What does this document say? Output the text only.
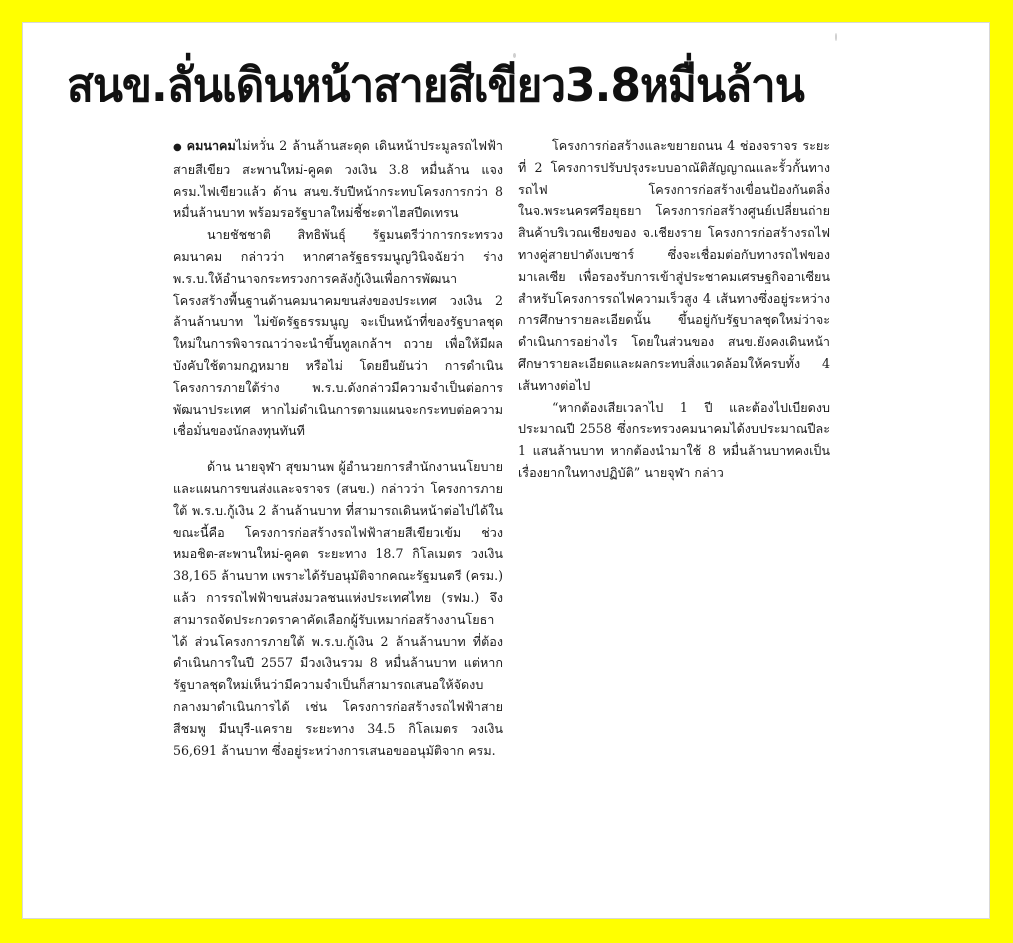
สนข.ลั่นเดินหน้าสายสีเขียว3.8หมื่นล้าน

● คมนาคมไม่หวั่น 2 ล้านล้านสะดุด เดินหน้าประมูลรถไฟฟ้าสายสีเขียว สะพานใหม่-คูคต วงเงิน 3.8 หมื่นล้าน แจง ครม.ไฟเขียวแล้ว ด้าน สนข.รับปีหน้ากระทบโครงการกว่า 8 หมื่นล้านบาท พร้อมรอรัฐบาลใหม่ชี้ชะตาไฮสปีดเทรน

นายชัชชาติ สิทธิพันธุ์ รัฐมนตรีว่าการกระทรวงคมนาคม กล่าวว่า หากศาลรัฐธรรมนูญวินิจฉัยว่า ร่าง พ.ร.บ.ให้อำนาจกระทรวงการคลังกู้เงินเพื่อการพัฒนาโครงสร้างพื้นฐานด้านคมนาคมขนส่งของประเทศ วงเงิน 2 ล้านล้านบาท ไม่ขัดรัฐธรรมนูญ จะเป็นหน้าที่ของรัฐบาลชุดใหม่ในการพิจารณาว่าจะนำขึ้นทูลเกล้าฯ ถวาย เพื่อให้มีผลบังคับใช้ตามกฎหมาย หรือไม่ โดยยืนยันว่า การดำเนินโครงการภายใต้ร่าง พ.ร.บ.ดังกล่าวมีความจำเป็นต่อการพัฒนาประเทศ หากไม่ดำเนินการตามแผนจะกระทบต่อความเชื่อมั่นของนักลงทุนทันที

ด้าน นายจุฬา สุขมานพ ผู้อำนวยการสำนักงานนโยบายและแผนการขนส่งและจราจร (สนข.) กล่าวว่า โครงการภายใต้ พ.ร.บ.กู้เงิน 2 ล้านล้านบาท ที่สามารถเดินหน้าต่อไปได้ในขณะนี้คือ โครงการก่อสร้างรถไฟฟ้าสายสีเขียวเข้ม ช่วงหมอชิต-สะพานใหม่-คูคต ระยะทาง 18.7 กิโลเมตร วงเงิน 38,165 ล้านบาท เพราะได้รับอนุมัติจากคณะรัฐมนตรี (ครม.) แล้ว การรถไฟฟ้าขนส่งมวลชนแห่งประเทศไทย (รฟม.) จึงสามารถจัดประกวดราคาคัดเลือกผู้รับเหมาก่อสร้างงานโยธาได้ ส่วนโครงการภายใต้ พ.ร.บ.กู้เงิน 2 ล้านล้านบาท ที่ต้องดำเนินการในปี 2557 มีวงเงินรวม 8 หมื่นล้านบาท แต่หากรัฐบาลชุดใหม่เห็นว่ามีความจำเป็นก็สามารถเสนอให้จัดงบกลางมาดำเนินการได้ เช่น โครงการก่อสร้างรถไฟฟ้าสายสีชมพู มีนบุรี-แคราย ระยะทาง 34.5 กิโลเมตร วงเงิน 56,691 ล้านบาท ซึ่งอยู่ระหว่างการเสนอขออนุมัติจาก ครม.

โครงการก่อสร้างและขยายถนน 4 ช่องจราจร ระยะที่ 2 โครงการปรับปรุงระบบอาณัติสัญญาณและรั้วกั้นทางรถไฟ โครงการก่อสร้างเขื่อนป้องกันตลิ่งในจ.พระนครศรีอยุธยา โครงการก่อสร้างศูนย์เปลี่ยนถ่ายสินค้าบริเวณเชียงของ จ.เชียงราย โครงการก่อสร้างรถไฟทางคู่สายปาดังเบซาร์ ซึ่งจะเชื่อมต่อกับทางรถไฟของมาเลเซีย เพื่อรองรับการเข้าสู่ประชาคมเศรษฐกิจอาเซียน สำหรับโครงการรถไฟความเร็วสูง 4 เส้นทางซึ่งอยู่ระหว่างการศึกษารายละเอียดนั้น ขึ้นอยู่กับรัฐบาลชุดใหม่ว่าจะดำเนินการอย่างไร โดยในส่วนของ สนข.ยังคงเดินหน้าศึกษารายละเอียดและผลกระทบสิ่งแวดล้อมให้ครบทั้ง 4 เส้นทางต่อไป

“หากต้องเสียเวลาไป 1 ปี และต้องไปเบียดงบประมาณปี 2558 ซึ่งกระทรวงคมนาคมได้งบประมาณปีละ 1 แสนล้านบาท หากต้องนำมาใช้ 8 หมื่นล้านบาทคงเป็นเรื่องยากในทางปฏิบัติ” นายจุฬา กล่าว
